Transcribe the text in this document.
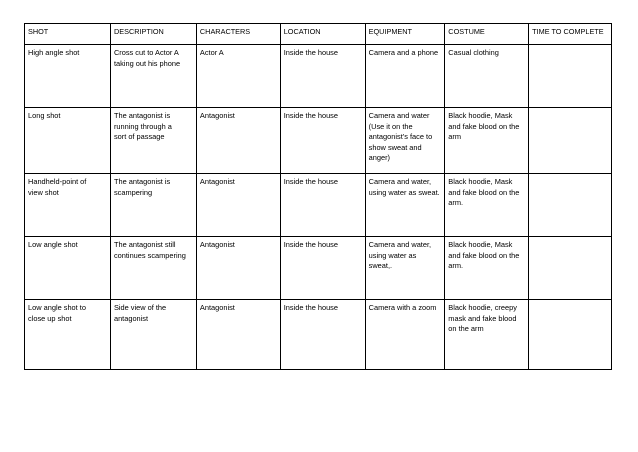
SHOT	DESCRIPTION	CHARACTERS	LOCATION	EQUIPMENT	COSTUME	TIME TO COMPLETE

High angle shot	Cross cut to Actor A
taking out his phone	Actor A	Inside the house	Camera and a phone	Casual clothing	

Long shot	The antagonist is
running through a
sort of passage	Antagonist	Inside the house	Camera and water
(Use it on the
antagonist’s face to
show sweat and
anger)	Black hoodie, Mask
and fake blood on the
arm	

Handheld-point of
view shot	The antagonist is
scampering	Antagonist	Inside the house	Camera and water,
using water as sweat.	Black hoodie, Mask
and fake blood on the
arm.	

Low angle shot	The antagonist still
continues scampering	Antagonist	Inside the house	Camera and water,
using water as sweat,.	Black hoodie, Mask
and fake blood on the
arm.	

Low angle shot to
close up shot	Side view of the
antagonist	Antagonist	Inside the house	Camera with a zoom	Black hoodie, creepy
mask and fake blood
on the arm	
